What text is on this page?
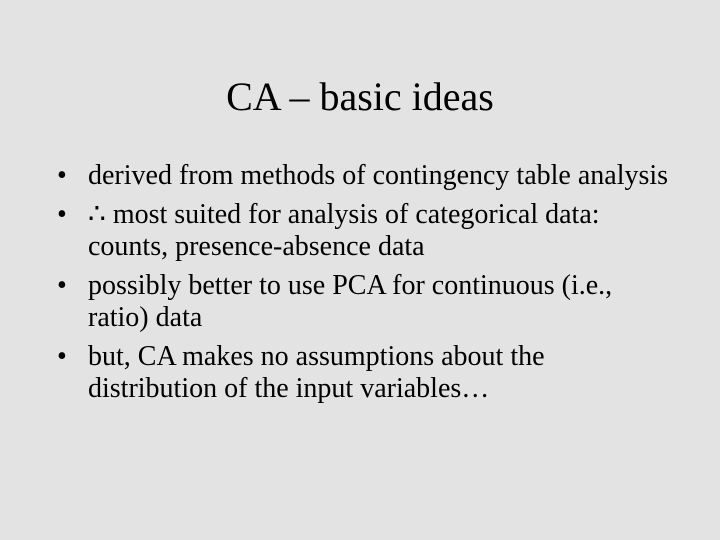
CA – basic ideas
• derived from methods of contingency table analysis
• ∴ most suited for analysis of categorical data: counts, presence-absence data
• possibly better to use PCA for continuous (i.e., ratio) data
• but, CA makes no assumptions about the distribution of the input variables…
